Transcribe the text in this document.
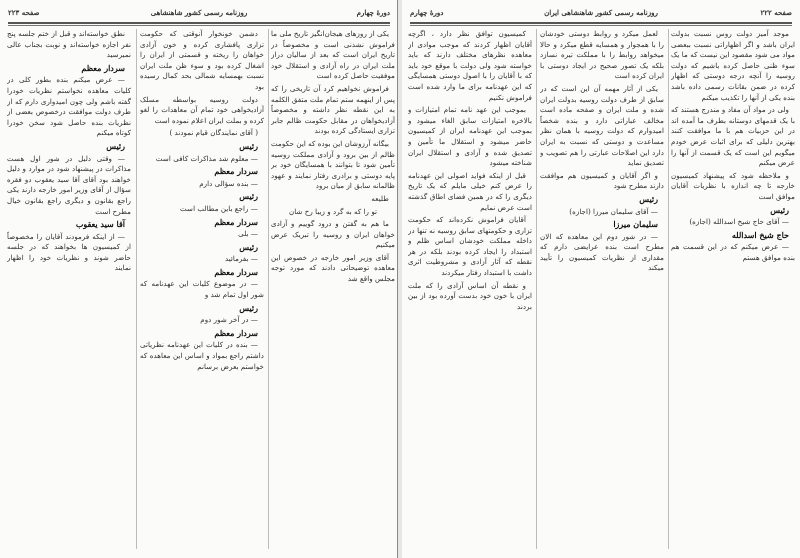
دورهٔ چهارم
روزنامه رسمی کشور شاهنشاهی
صفحه ۲۲۳

نطق خواسته‌اند و قبل از ختم جلسه پنج نفر اجازه خواسته‌اند و نوبت بجناب عالی نمیرسید

سردار معظم

— عرض میکنم بنده بطور کلی در کلیات معاهده نخواستم نظریات خودرا گفته باشم ولی چون امیدواری دارم که از طرف دولت موافقت درخصوص بعضی از نظریات بنده حاصل شود سخن خودرا کوتاه میکنم

رئیس

— وقتی دلیل در شور اول هست مذاکرات در پیشنهاد شود در موارد و دلیل خواهند بود آقای آقا سید یعقوب دو فقره سؤال از آقای وزیر امور خارجه دارند یکی راجع بقانون و دیگری راجع بقانون خیال مطرح است

آقا سید یعقوب

— از اینکه فرمودند آقایان را مخصوصاً از کمیسیون ها بخواهند که در جلسه حاضر شوند و نظریات خود را اظهار نمایند

دشمن خونخوار آنوقتی که حکومت تزاری پافشاری کرده و خون آزادی خواهان را ریخته و قسمتی از ایران را اشغال کرده بود و سوء ظن ملت ایران نسبت بهمسایه شمالی بحد کمال رسیده بود

دولت روسیه بواسطه مسلک آزادیخواهی خود تمام آن معاهدات را لغو کرده و بملت ایران اعلام نموده است

( آقای نمایندگان قیام نمودند )

رئیس

— معلوم شد مذاکرات کافی است

سردار معظم

— بنده سؤالی دارم

رئیس

— راجع باین مطالب است

سردار معظم

— بلی

رئیس

— بفرمائید

سردار معظم

— در موضوع کلیات این عهدنامه که شور اول تمام شد و

رئیس

— در آخر شور دوم

سردار معظم

— بنده در کلیات این عهدنامه نظریاتی داشتم راجع بمواد و اساس این معاهده که خواستم بعرض برسانم

یکی از روزهای هیجان‌انگیز تاریخ ملی ما فراموش نشدنی است و مخصوصاً در تاریخ ایران است که بعد از سالیان دراز ملت ایران در راه آزادی و استقلال خود موفقیت حاصل کرده است

فراموش نخواهیم کرد آن تاریخی را که پس از اینهمه ستم تمام ملت متفق الکلمه به این نقطه نظر داشته و مخصوصاً آزادیخواهان در مقابل حکومت ظالم جابر تزاری ایستادگی کرده بودند

بیگانه آرزوشان این بوده که این حکومت ظالم از بین برود و آزادی مملکت روسیه تأمین شود تا بتوانند با همسایگان خود بر پایه دوستی و برادری رفتار نمایند و عهود ظالمانه سابق از میان برود

طلیعه

تو را که به گرد و زیبا رخ شان

ما هم به گفتن و درود گوییم و آزادی خواهان ایران و روسیه را تبریک عرض میکنیم

آقای وزیر امور خارجه در خصوص این معاهده توضیحاتی دادند که مورد توجه مجلس واقع شد

صفحه ۲۲۲
روزنامه رسمی کشور شاهنشاهی ایران
دورهٔ چهارم

کمیسیون توافق نظر دارد ، اگرچه آقایان اظهار کردند که موجب موادی از معاهده نظرهای مختلف دارند که باید خواسته شود ولی دولت با موقع خود باید که با آقایان را با اصول دوستی همسایگی که این عهدنامه برای ما وارد شده است فراموش نکنیم

بموجب این عهد نامه تمام امتیازات و بالاخره امتیازات سابق الغاء میشود و بموجب این عهدنامه ایران از کمیسیون حاضر میشود و استقلال ما تأمین و تصدیق شده و آزادی و استقلال ایران شناخته میشود

قبل از اینکه فواید اصولی این عهدنامه را عرض کنم خیلی مایلم که یک تاریخ دیگری را که در همین فضای اطاق گذشته است عرض نمایم

آقایان فراموش نکرده‌اند که حکومت تزاری و حکومتهای سابق روسیه نه تنها در داخله مملکت خودشان اساس ظلم و استبداد را ایجاد کرده بودند بلکه در هر نقطه که آثار آزادی و مشروطیت اثری داشت با استبداد رفتار میکردند

و نقطه آن اساس آزادی را که ملت ایران با خون خود بدست آورده بود از بین بردند

لعمل میکرد و روابط دوستی خودشان را با همجوار و همسایه قطع میکرد و حالا میخواهد روابط را با مملکت تیره نسازد بلکه یک تصور صحیح در ایجاد دوستی با ایران کرده است

یکی از آثار مهمه آن این است که در سابق از طرف دولت روسیه بدولت ایران شده و ملت ایران و صفحه ماده است مخالف عباراتی دارد و بنده شخصاً امیدوارم که دولت روسیه با همان نظر مساعدت و دوستی که نسبت به ایران دارد این اصلاحات عبارتی را هم تصویب و تصدیق نماید

و اگر آقایان و کمیسیون هم موافقت دارند مطرح شود

رئیس

— آقای سلیمان میرزا (اجازه)

سلیمان میرزا

— در شور دوم این معاهده که الان مطرح است بنده عرایضی دارم که مقداری از نظریات کمیسیون را تأیید میکند

موجد آمیز دولت روس نسبت بدولت ایران باشد و اگر اظهاراتی نسبت ببعضی مواد می شود مقصود این نیست که ما یک سوء ظنی حاصل کرده باشیم که دولت روسیه را آنچه درجه دوستی که اظهار کرده در ضمن بقانات رسمی داده باشد بنده یکی از آنها را تکذیب میکنم

ولی در مواد آن مفاد و مندرج هستند که با یک قدمهای دوستانه بطرف ما آمده اند در این حزبیات هم با ما موافقت کنند بهترین دلیلی که برای اثبات عرض خودم میگویم این است که یک قسمت از آنها را عرض میکنم

و ملاحظه شود که پیشنهاد کمیسیون خارجه تا چه اندازه با نظریات آقایان موافق است

رئیس

— آقای حاج شیخ اسدالله (اجازه)

حاج شیخ اسدالله

— عرض میکنم که در این قسمت هم بنده موافق هستم
